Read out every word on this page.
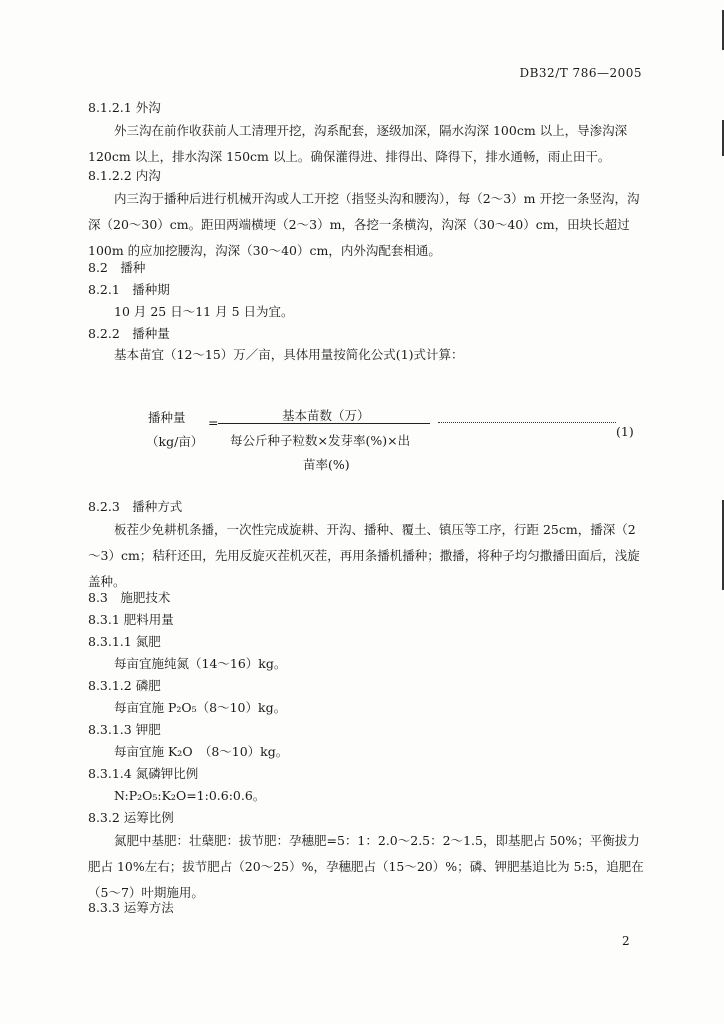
DB32/T 786—2005
8.1.2.1 外沟
外三沟在前作收获前人工清理开挖，沟系配套，逐级加深，隔水沟深 100cm 以上，导渗沟深 120cm 以上，排水沟深 150cm 以上。确保灌得进、排得出、降得下，排水通畅，雨止田干。
8.1.2.2 内沟
内三沟于播种后进行机械开沟或人工开挖（指竖头沟和腰沟），每（2～3）m 开挖一条竖沟，沟深（20～30）cm。距田两端横埂（2～3）m，各挖一条横沟，沟深（30～40）cm，田块长超过 100m 的应加挖腰沟，沟深（30～40）cm，内外沟配套相通。
8.2　播种
8.2.1　播种期
10 月 25 日～11 月 5 日为宜。
8.2.2　播种量
基本苗宜（12～15）万／亩，具体用量按简化公式(1)式计算：
播种量
（kg/亩）
=	基本苗数（万）
每公斤种子粒数×发芽率(%)×出
苗率(%)
(1)
8.2.3　播种方式
板茬少免耕机条播，一次性完成旋耕、开沟、播种、覆土、镇压等工序，行距 25cm，播深（2～3）cm；秸秆还田，先用反旋灭茬机灭茬，再用条播机播种；撒播，将种子均匀撒播田面后，浅旋盖种。
8.3　施肥技术
8.3.1 肥料用量
8.3.1.1 氮肥
每亩宜施纯氮（14～16）kg。
8.3.1.2 磷肥
每亩宜施 P₂O₅（8～10）kg。
8.3.1.3 钾肥
每亩宜施 K₂O　（8～10）kg。
8.3.1.4 氮磷钾比例
N:P₂O₅:K₂O=1:0.6:0.6。
8.3.2 运筹比例
氮肥中基肥：壮蘖肥：拔节肥：孕穗肥=5：1：2.0～2.5：2～1.5，即基肥占 50%；平衡拔力肥占 10%左右；拔节肥占（20～25）%，孕穗肥占（15～20）%；磷、钾肥基追比为 5:5，追肥在（5～7）叶期施用。
8.3.3 运筹方法
2
